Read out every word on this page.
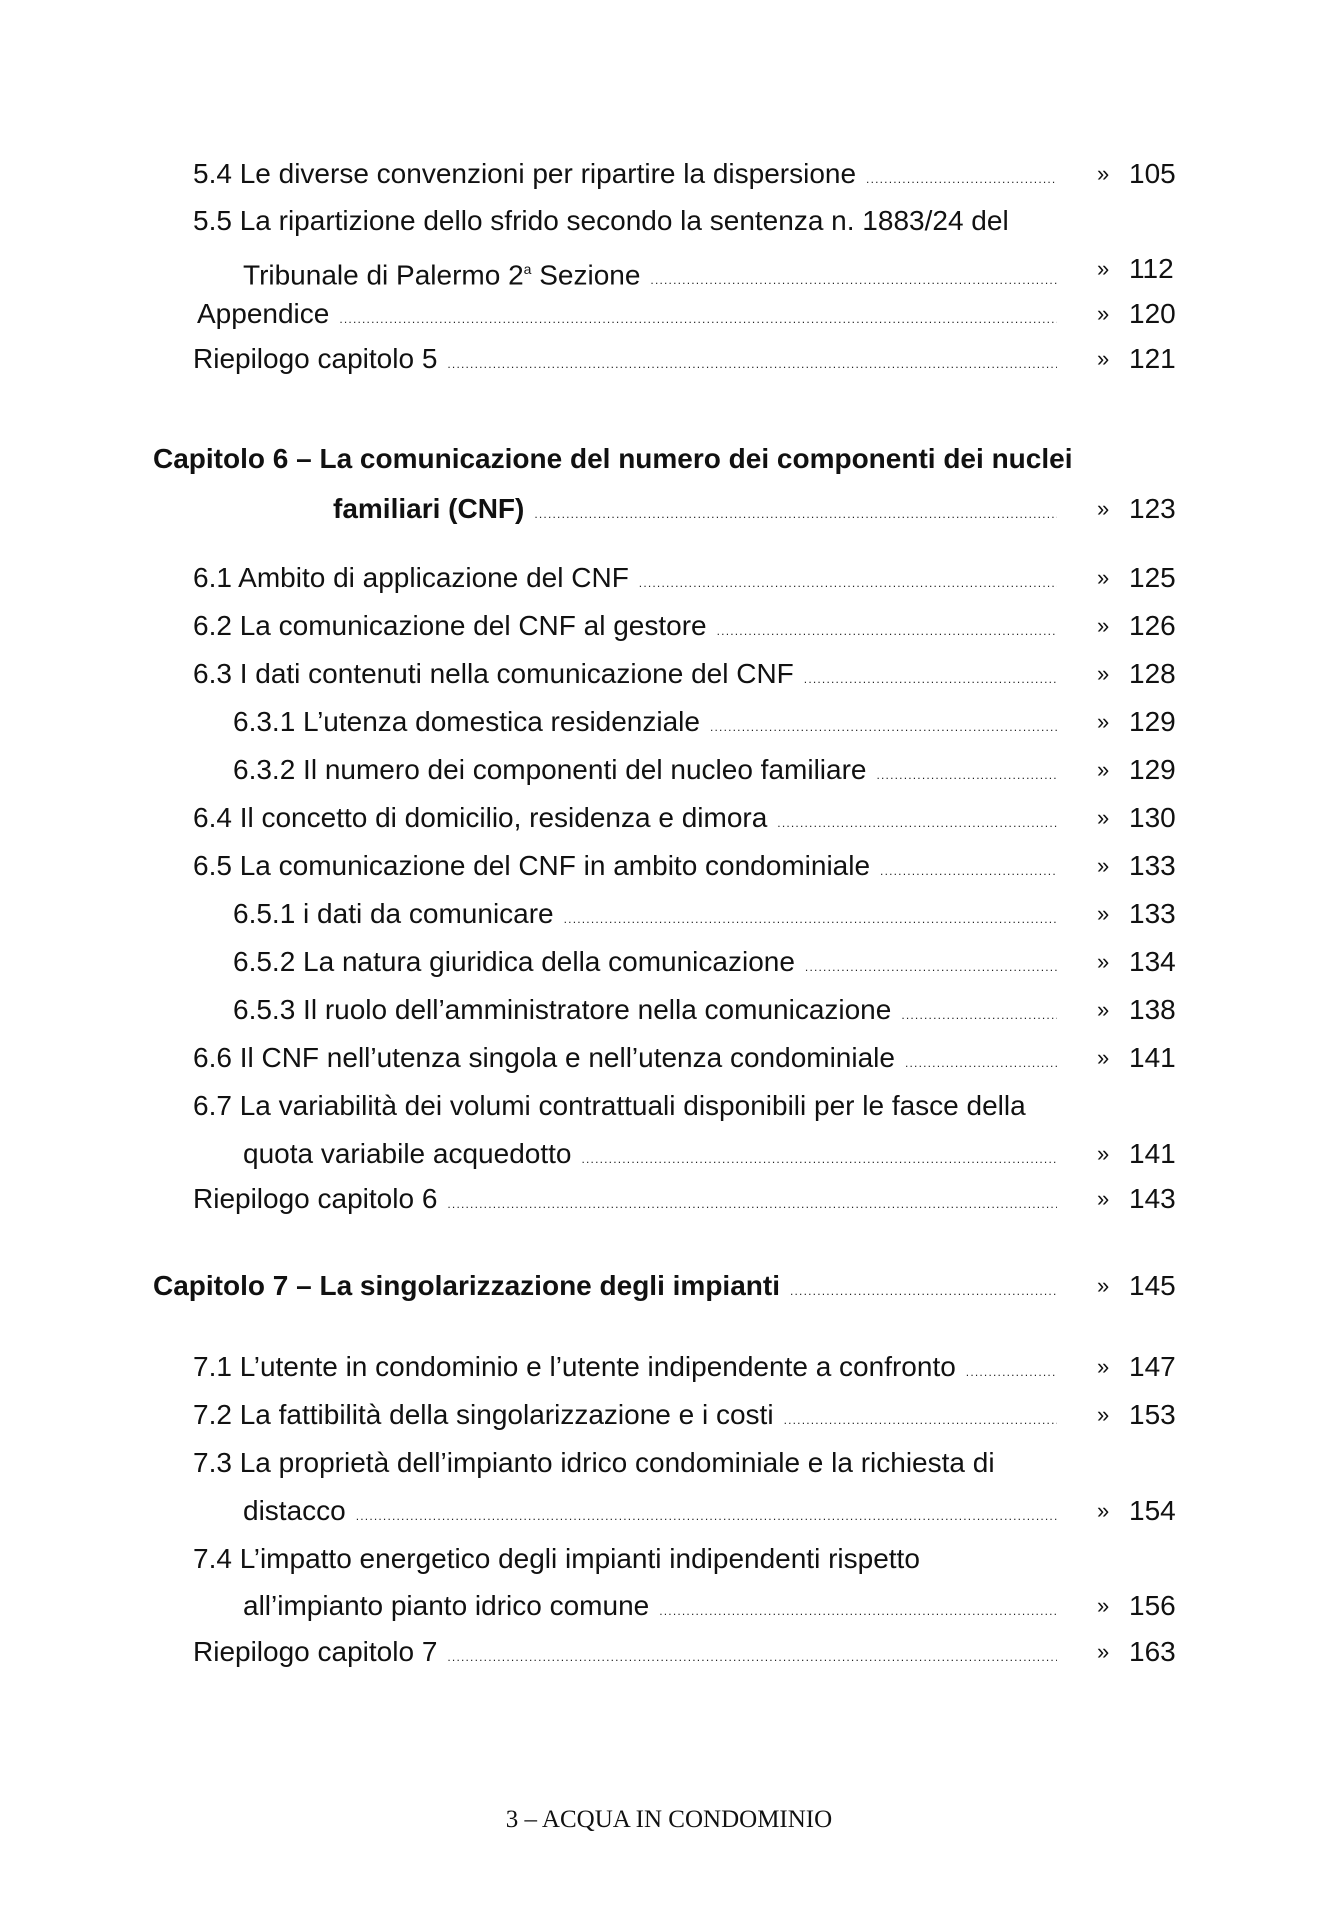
5.4 Le diverse convenzioni per ripartire la dispersione .....	» 105
5.5 La ripartizione dello sfrido secondo la sentenza n. 1883/24 del
Tribunale di Palermo 2$^a$ Sezione .....	» 112
Appendice .....	» 120
Riepilogo capitolo 5 .....	» 121
Capitolo 6 – La comunicazione del numero dei componenti dei nuclei
familiari (CNF) .....	» 123
6.1 Ambito di applicazione del CNF .....	» 125
6.2 La comunicazione del CNF al gestore .....	» 126
6.3 I dati contenuti nella comunicazione del CNF .....	» 128
6.3.1 L’utenza domestica residenziale .....	» 129
6.3.2 Il numero dei componenti del nucleo familiare .....	» 129
6.4 Il concetto di domicilio, residenza e dimora .....	» 130
6.5 La comunicazione del CNF in ambito condominiale .....	» 133
6.5.1 i dati da comunicare .....	» 133
6.5.2 La natura giuridica della comunicazione .....	» 134
6.5.3 Il ruolo dell’amministratore nella comunicazione .....	» 138
6.6 Il CNF nell’utenza singola e nell’utenza condominiale .....	» 141
6.7 La variabilità dei volumi contrattuali disponibili per le fasce della
quota variabile acquedotto .....	» 141
Riepilogo capitolo 6 .....	» 143
Capitolo 7 – La singolarizzazione degli impianti .....	» 145
7.1 L’utente in condominio e l’utente indipendente a confronto .....	» 147
7.2 La fattibilità della singolarizzazione e i costi .....	» 153
7.3 La proprietà dell’impianto idrico condominiale e la richiesta di
distacco .....	» 154
7.4 L’impatto energetico degli impianti indipendenti rispetto
all’impianto pianto idrico comune .....	» 156
Riepilogo capitolo 7 .....	» 163
3 – ACQUA IN CONDOMINIO
